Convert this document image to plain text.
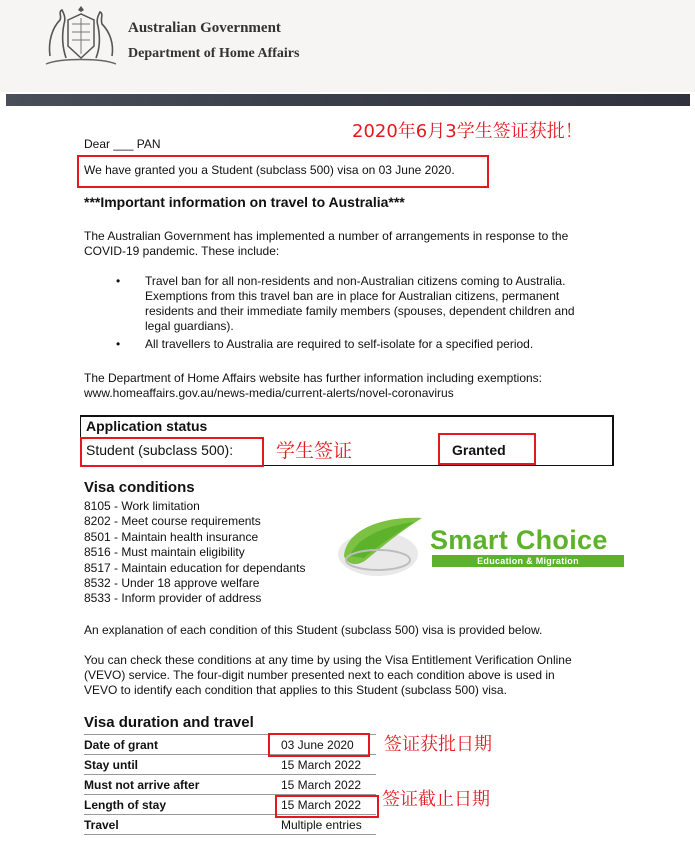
Australian Government
Department of Home Affairs
Dear ___ PAN
2020年6月3学生签证获批！
We have granted you a Student (subclass 500) visa on 03 June 2020.
***Important information on travel to Australia***
The Australian Government has implemented a number of arrangements in response to the
COVID-19 pandemic. These include:
• Travel ban for all non-residents and non-Australian citizens coming to Australia.
Exemptions from this travel ban are in place for Australian citizens, permanent
residents and their immediate family members (spouses, dependent children and
legal guardians).
• All travellers to Australia are required to self-isolate for a specified period.
The Department of Home Affairs website has further information including exemptions:
www.homeaffairs.gov.au/news-media/current-alerts/novel-coronavirus
Application status
Student (subclass 500): 学生签证	Granted
Visa conditions
8105 - Work limitation
8202 - Meet course requirements
8501 - Maintain health insurance
8516 - Must maintain eligibility
8517 - Maintain education for dependants
8532 - Under 18 approve welfare
8533 - Inform provider of address
Smart Choice
Education & Migration
An explanation of each condition of this Student (subclass 500) visa is provided below.
You can check these conditions at any time by using the Visa Entitlement Verification Online
(VEVO) service. The four-digit number presented next to each condition above is used in
VEVO to identify each condition that applies to this Student (subclass 500) visa.
Visa duration and travel
Date of grant	03 June 2020
Stay until	15 March 2022
Must not arrive after	15 March 2022
Length of stay	15 March 2022
Travel	Multiple entries
签证获批日期
签证截止日期
